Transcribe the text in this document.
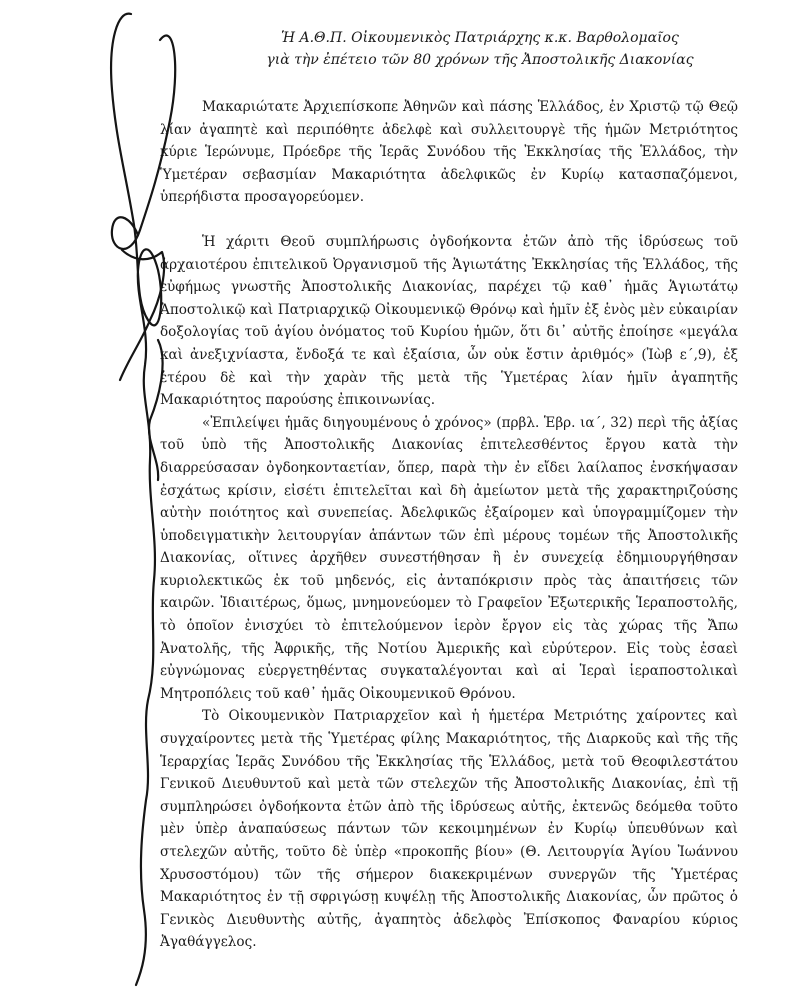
Ἡ Α.Θ.Π. Οἰκουμενικὸς Πατριάρχης κ.κ. Βαρθολομαῖος

γιὰ τὴν ἐπέτειο τῶν 80 χρόνων τῆς Ἀποστολικῆς Διακονίας

Μακαριώτατε Ἀρχιεπίσκοπε Ἀθηνῶν καὶ πάσης Ἑλλάδος, ἐν Χριστῷ τῷ Θεῷ λίαν ἀγαπητὲ καὶ περιπόθητε ἀδελφὲ καὶ συλλειτουργὲ τῆς ἡμῶν Μετριότητος κύριε Ἱερώνυμε, Πρόεδρε τῆς Ἱερᾶς Συνόδου τῆς Ἐκκλησίας τῆς Ἑλλάδος, τὴν Ὑμετέραν σεβασμίαν Μακαριότητα ἀδελφικῶς ἐν Κυρίῳ κατασπαζόμενοι, ὑπερήδιστα προσαγορεύομεν.

Ἡ χάριτι Θεοῦ συμπλήρωσις ὀγδοήκοντα ἐτῶν ἀπὸ τῆς ἱδρύσεως τοῦ ἀρχαιοτέρου ἐπιτελικοῦ Ὀργανισμοῦ τῆς Ἁγιωτάτης Ἐκκλησίας τῆς Ἑλλάδος, τῆς εὐφήμως γνωστῆς Ἀποστολικῆς Διακονίας, παρέχει τῷ καθ᾽ ἡμᾶς Ἁγιωτάτῳ Ἀποστολικῷ καὶ Πατριαρχικῷ Οἰκουμενικῷ Θρόνῳ καὶ ἡμῖν ἐξ ἑνὸς μὲν εὐκαιρίαν δοξολογίας τοῦ ἁγίου ὀνόματος τοῦ Κυρίου ἡμῶν, ὅτι δι᾽ αὐτῆς ἐποίησε «μεγάλα καὶ ἀνεξιχνίαστα, ἔνδοξά τε καὶ ἐξαίσια, ὧν οὐκ ἔστιν ἀριθμός» (Ἰὼβ ε΄,9), ἐξ ἑτέρου δὲ καὶ τὴν χαρὰν τῆς μετὰ τῆς Ὑμετέρας λίαν ἡμῖν ἀγαπητῆς Μακαριότητος παρούσης ἐπικοινωνίας.

«Ἐπιλείψει ἡμᾶς διηγουμένους ὁ χρόνος» (πρβλ. Ἑβρ. ια΄, 32) περὶ τῆς ἀξίας τοῦ ὑπὸ τῆς Ἀποστολικῆς Διακονίας ἐπιτελεσθέντος ἔργου κατὰ τὴν διαρρεύσασαν ὀγδοηκονταετίαν, ὅπερ, παρὰ τὴν ἐν εἴδει λαίλαπος ἐνσκήψασαν ἐσχάτως κρίσιν, εἰσέτι ἐπιτελεῖται καὶ δὴ ἀμείωτον μετὰ τῆς χαρακτηριζούσης αὐτὴν ποιότητος καὶ συνεπείας. Ἀδελφικῶς ἐξαίρομεν καὶ ὑπογραμμίζομεν τὴν ὑποδειγματικὴν λειτουργίαν ἁπάντων τῶν ἐπὶ μέρους τομέων τῆς Ἀποστολικῆς Διακονίας, οἵτινες ἀρχῆθεν συνεστήθησαν ἢ ἐν συνεχείᾳ ἐδημιουργήθησαν κυριολεκτικῶς ἐκ τοῦ μηδενός, εἰς ἀνταπόκρισιν πρὸς τὰς ἀπαιτήσεις τῶν καιρῶν. Ἰδιαιτέρως, ὅμως, μνημονεύομεν τὸ Γραφεῖον Ἐξωτερικῆς Ἱεραποστολῆς, τὸ ὁποῖον ἐνισχύει τὸ ἐπιτελούμενον ἱερὸν ἔργον εἰς τὰς χώρας τῆς Ἄπω Ἀνατολῆς, τῆς Ἀφρικῆς, τῆς Νοτίου Ἀμερικῆς καὶ εὐρύτερον. Εἰς τοὺς ἐσαεὶ εὐγνώμονας εὐεργετηθέντας συγκαταλέγονται καὶ αἱ Ἱεραὶ ἱεραποστολικαὶ Μητροπόλεις τοῦ καθ᾽ ἡμᾶς Οἰκουμενικοῦ Θρόνου.

Τὸ Οἰκουμενικὸν Πατριαρχεῖον καὶ ἡ ἡμετέρα Μετριότης χαίροντες καὶ συγχαίροντες μετὰ τῆς Ὑμετέρας φίλης Μακαριότητος, τῆς Διαρκοῦς καὶ τῆς τῆς Ἱεραρχίας Ἱερᾶς Συνόδου τῆς Ἐκκλησίας τῆς Ἑλλάδος, μετὰ τοῦ Θεοφιλεστάτου Γενικοῦ Διευθυντοῦ καὶ μετὰ τῶν στελεχῶν τῆς Ἀποστολικῆς Διακονίας, ἐπὶ τῇ συμπληρώσει ὀγδοήκοντα ἐτῶν ἀπὸ τῆς ἱδρύσεως αὐτῆς, ἐκτενῶς δεόμεθα τοῦτο μὲν ὑπὲρ ἀναπαύσεως πάντων τῶν κεκοιμημένων ἐν Κυρίῳ ὑπευθύνων καὶ στελεχῶν αὐτῆς, τοῦτο δὲ ὑπὲρ «προκοπῆς βίου» (Θ. Λειτουργία Ἁγίου Ἰωάννου Χρυσοστόμου) τῶν τῆς σήμερον διακεκριμένων συνεργῶν τῆς Ὑμετέρας Μακαριότητος ἐν τῇ σφριγώσῃ κυψέλῃ τῆς Ἀποστολικῆς Διακονίας, ὧν πρῶτος ὁ Γενικὸς Διευθυντὴς αὐτῆς, ἀγαπητὸς ἀδελφὸς Ἐπίσκοπος Φαναρίου κύριος Ἀγαθάγγελος.
